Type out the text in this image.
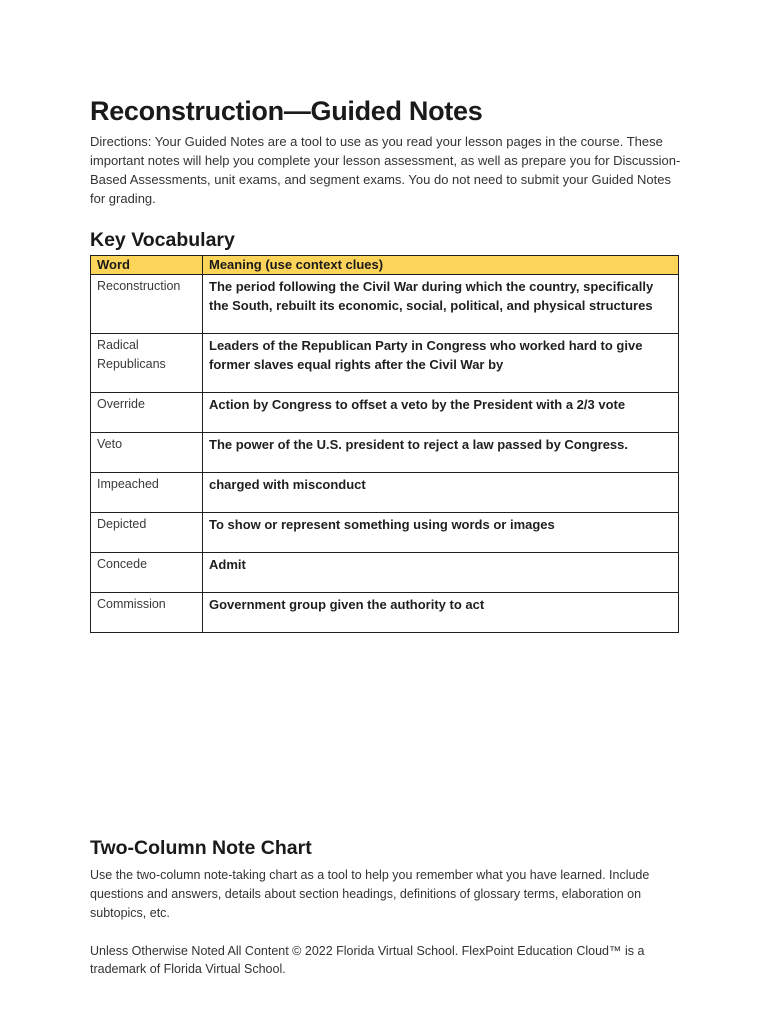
Reconstruction—Guided Notes

Directions: Your Guided Notes are a tool to use as you read your lesson pages in the course. These important notes will help you complete your lesson assessment, as well as prepare you for Discussion-Based Assessments, unit exams, and segment exams. You do not need to submit your Guided Notes for grading.

Key Vocabulary
Word	Meaning (use context clues)
Reconstruction	The period following the Civil War during which the country, specifically the South, rebuilt its economic, social, political, and physical structures
Radical Republicans	Leaders of the Republican Party in Congress who worked hard to give former slaves equal rights after the Civil War by
Override	Action by Congress to offset a veto by the President with a 2/3 vote
Veto	The power of the U.S. president to reject a law passed by Congress.
Impeached	charged with misconduct
Depicted	To show or represent something using words or images
Concede	Admit
Commission	Government group given the authority to act
Two-Column Note Chart

Use the two-column note-taking chart as a tool to help you remember what you have learned. Include questions and answers, details about section headings, definitions of glossary terms, elaboration on subtopics, etc.

Unless Otherwise Noted All Content © 2022 Florida Virtual School. FlexPoint Education Cloud™ is a trademark of Florida Virtual School.
